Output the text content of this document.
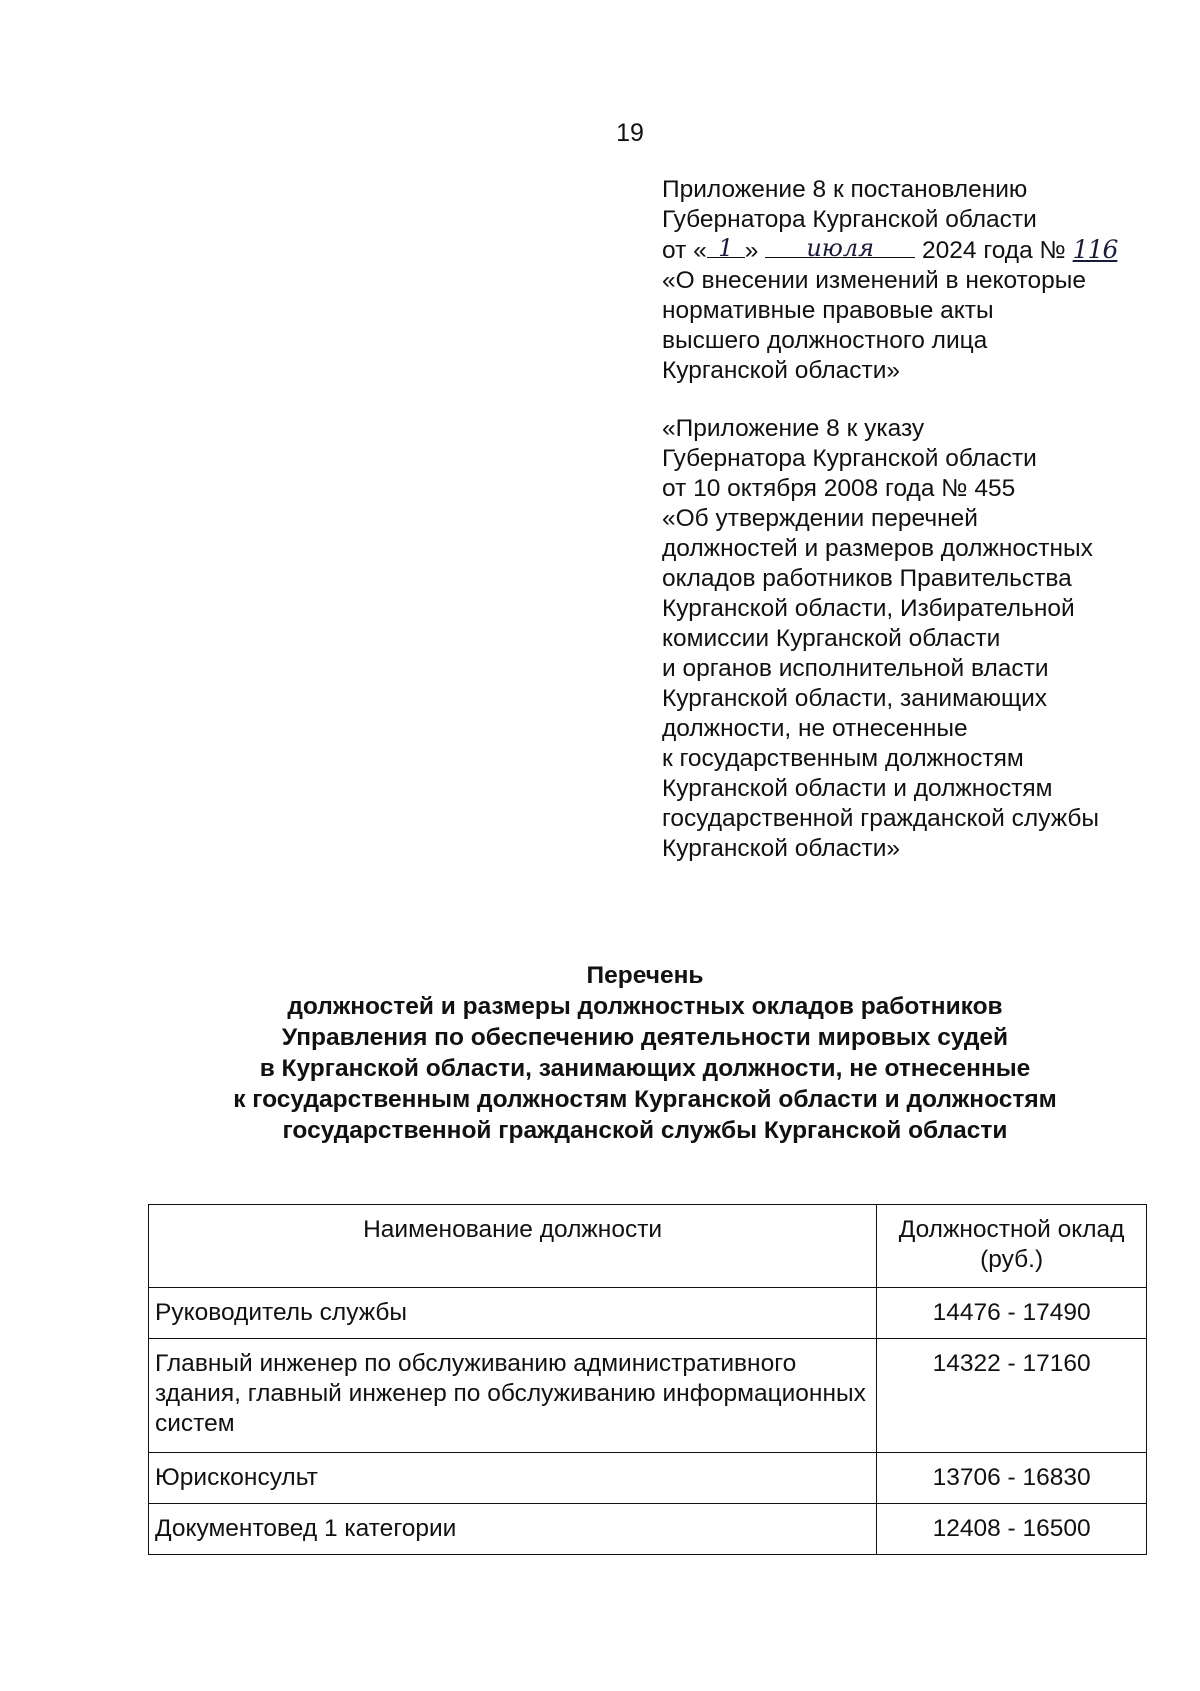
19
Приложение 8 к постановлению
Губернатора Курганской области
от « 1 » июля 2024 года № 116
«О внесении изменений в некоторые
нормативные правовые акты
высшего должностного лица
Курганской области»
«Приложение 8 к указу
Губернатора Курганской области
от 10 октября 2008 года № 455
«Об утверждении перечней
должностей и размеров должностных
окладов работников Правительства
Курганской области, Избирательной
комиссии Курганской области
и органов исполнительной власти
Курганской области, занимающих
должности, не отнесенные
к государственным должностям
Курганской области и должностям
государственной гражданской службы
Курганской области»
Перечень
должностей и размеры должностных окладов работников
Управления по обеспечению деятельности мировых судей
в Курганской области, занимающих должности, не отнесенные
к государственным должностям Курганской области и должностям
государственной гражданской службы Курганской области
Наименование должности	Должностной оклад (руб.)
Руководитель службы	14476 - 17490
Главный инженер по обслуживанию административного здания, главный инженер по обслуживанию информационных систем	14322 - 17160
Юрисконсульт	13706 - 16830
Документовед 1 категории	12408 - 16500
